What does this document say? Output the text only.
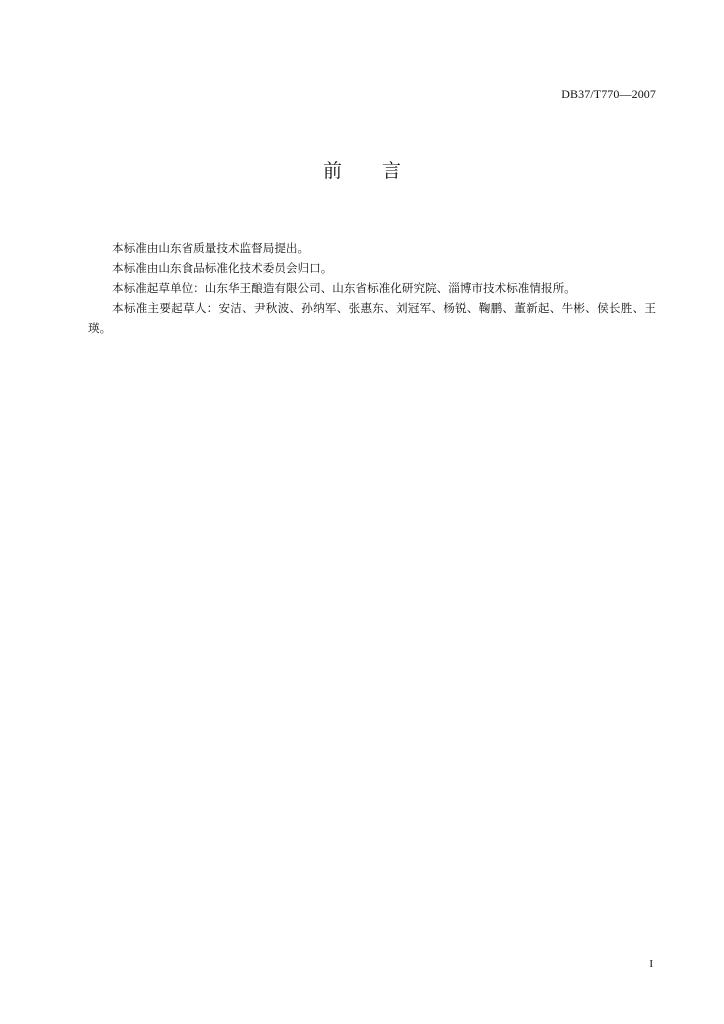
DB37/T770—2007
前 言

本标准由山东省质量技术监督局提出。

本标准由山东食品标准化技术委员会归口。

本标准起草单位：山东华王酿造有限公司、山东省标准化研究院、淄博市技术标准情报所。

本标准主要起草人：安洁、尹秋波、孙纳军、张惠东、刘冠军、杨锐、鞠鹏、董新起、牛彬、侯长胜、王瑛。

I
